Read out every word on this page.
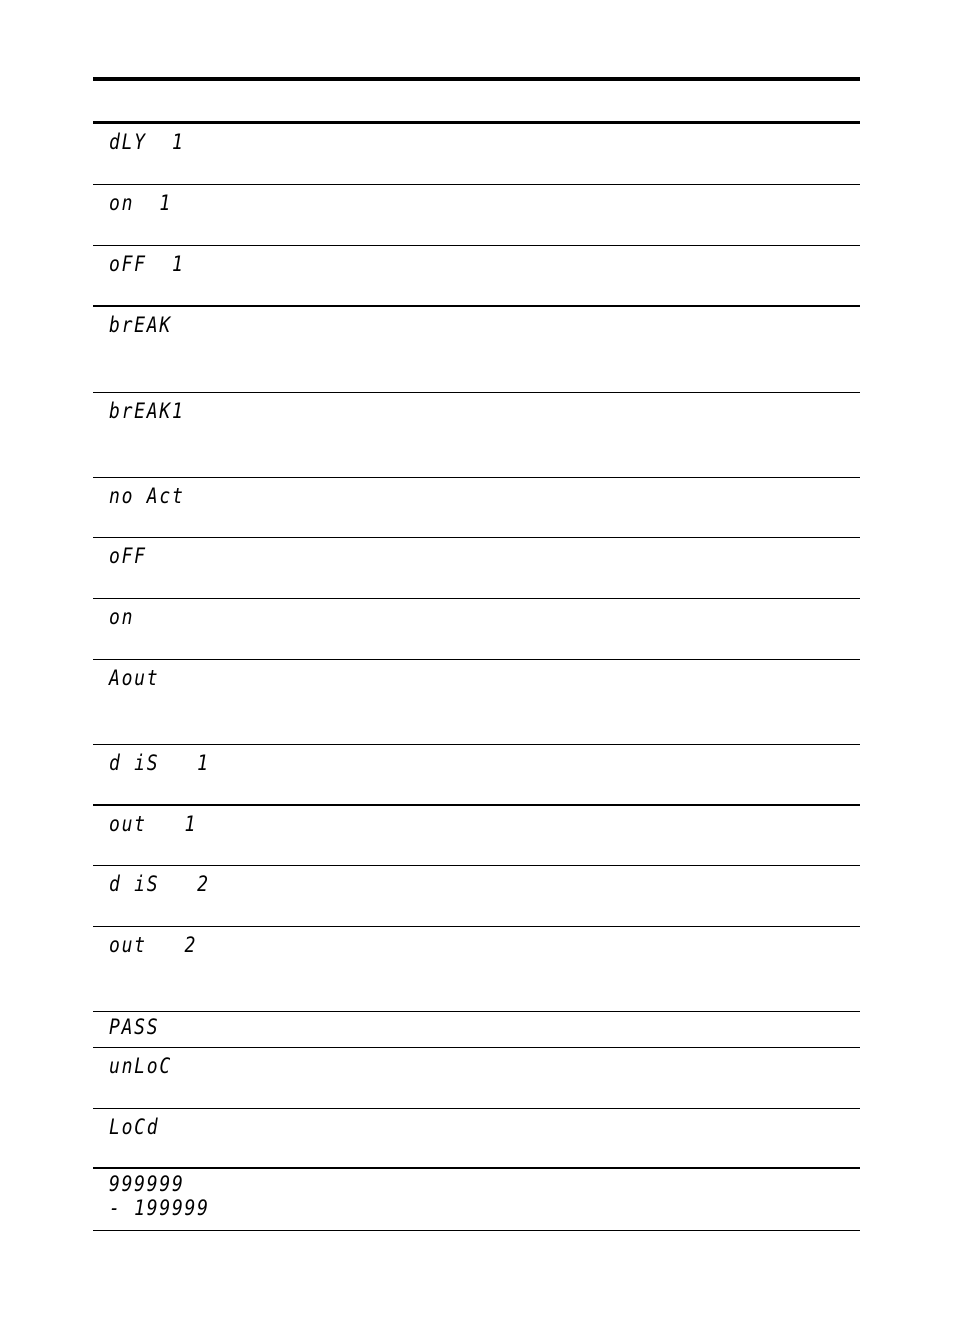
dLY  1
on  1
oFF  1
brEAK
brEAK1
no Act
oFF
on
Aout
d iS   1
out   1
d iS   2
out   2
PASS
unLoC
LoCd
999999
- 199999
